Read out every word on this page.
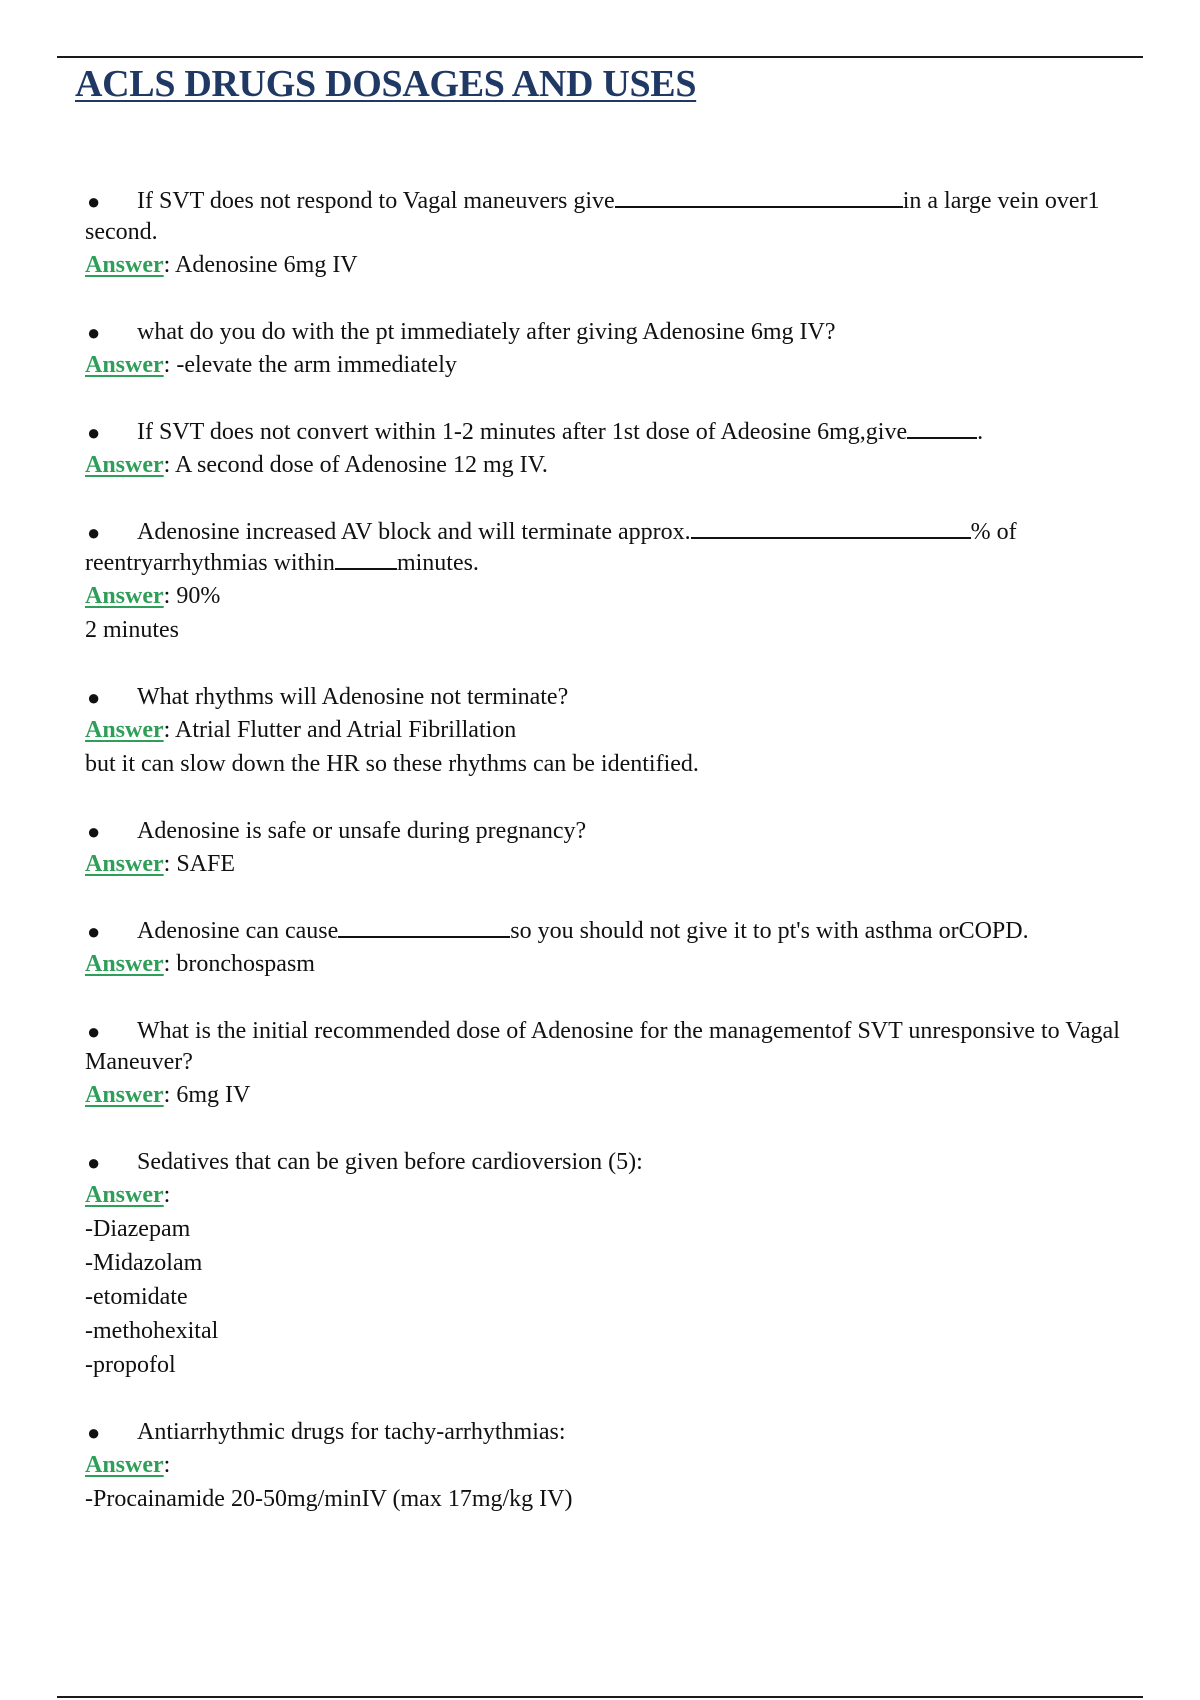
ACLS DRUGS DOSAGES AND USES
● If SVT does not respond to Vagal maneuvers give	in a large vein over1 second.
Answer: Adenosine 6mg IV
● what do you do with the pt immediately after giving Adenosine 6mg IV?
Answer: -elevate the arm immediately
● If SVT does not convert within 1-2 minutes after 1st dose of Adeosine 6mg,give	.
Answer: A second dose of Adenosine 12 mg IV.
● Adenosine increased AV block and will terminate approx.	% of reentryarrhythmias within	minutes.
Answer: 90%
2 minutes
● What rhythms will Adenosine not terminate?
Answer: Atrial Flutter and Atrial Fibrillation
but it can slow down the HR so these rhythms can be identified.
● Adenosine is safe or unsafe during pregnancy?
Answer: SAFE
● Adenosine can cause	so you should not give it to pt's with asthma orCOPD.
Answer: bronchospasm
● What is the initial recommended dose of Adenosine for the managementof SVT unresponsive to Vagal Maneuver?
Answer: 6mg IV
● Sedatives that can be given before cardioversion (5):
Answer:
-Diazepam
-Midazolam
-etomidate
-methohexital
-propofol
● Antiarrhythmic drugs for tachy-arrhythmias:
Answer:
-Procainamide 20-50mg/minIV (max 17mg/kg IV)
